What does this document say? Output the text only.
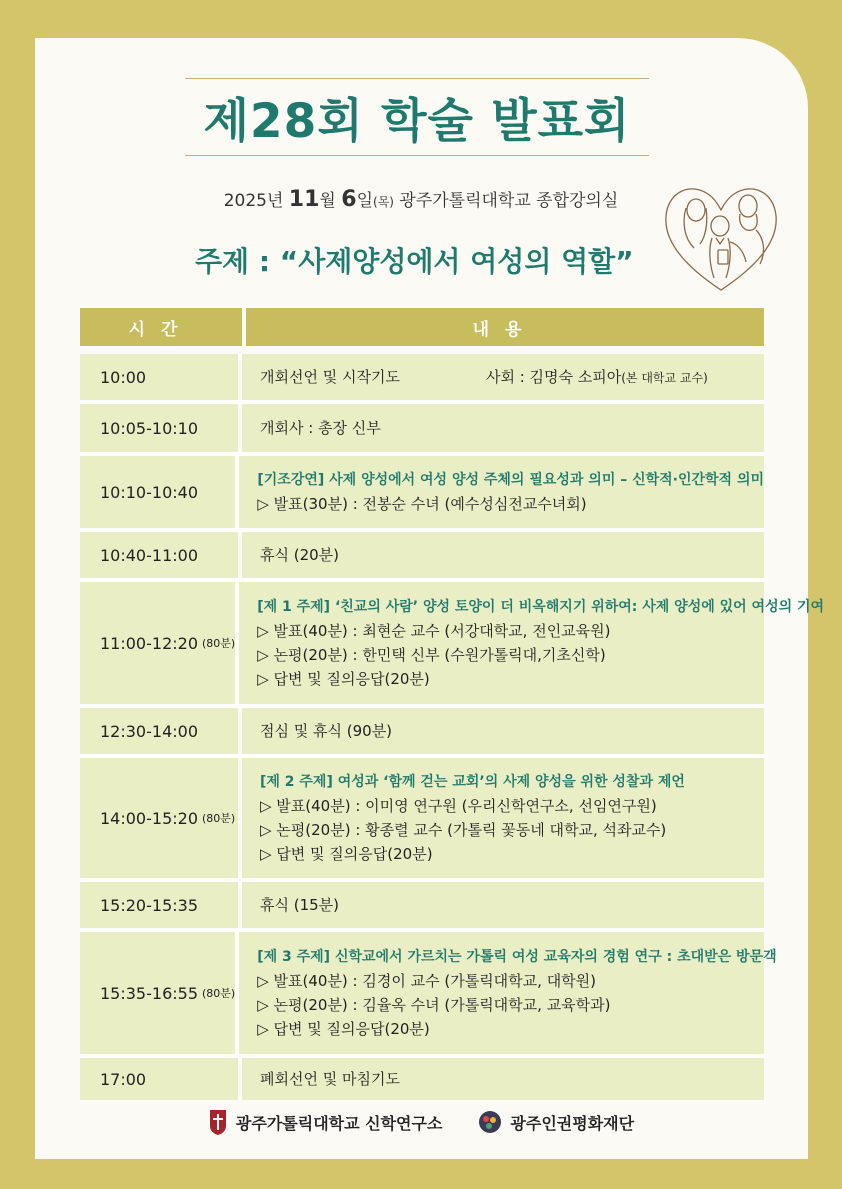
제28회 학술 발표회
2025년 11월 6일(목) 광주가톨릭대학교 종합강의실
주제 : “사제양성에서 여성의 역할”
시간	내용
10:00	개회선언 및 시작기도	사회 : 김명숙 소피아(본 대학교 교수)
10:05-10:10	개회사 : 총장 신부
10:10-10:40
[기조강연] 사제 양성에서 여성 양성 주체의 필요성과 의미 – 신학적·인간학적 의미
▷ 발표(30분) : 전봉순 수녀 (예수성심전교수녀회)
10:40-11:00	휴식 (20분)
11:00-12:20 (80분)
[제 1 주제] ‘친교의 사람’ 양성 토양이 더 비옥해지기 위하여: 사제 양성에 있어 여성의 기여
▷ 발표(40분) : 최현순 교수 (서강대학교, 전인교육원)
▷ 논평(20분) : 한민택 신부 (수원가톨릭대,기초신학)
▷ 답변 및 질의응답(20분)
12:30-14:00	점심 및 휴식 (90분)
14:00-15:20 (80분)
[제 2 주제] 여성과 ‘함께 걷는 교회’의 사제 양성을 위한 성찰과 제언
▷ 발표(40분) : 이미영 연구원 (우리신학연구소, 선임연구원)
▷ 논평(20분) : 황종렬 교수 (가톨릭 꽃동네 대학교, 석좌교수)
▷ 답변 및 질의응답(20분)
15:20-15:35	휴식 (15분)
15:35-16:55 (80분)
[제 3 주제] 신학교에서 가르치는 가톨릭 여성 교육자의 경험 연구 : 초대받은 방문객
▷ 발표(40분) : 김경이 교수 (가톨릭대학교, 대학원)
▷ 논평(20분) : 김율옥 수녀 (가톨릭대학교, 교육학과)
▷ 답변 및 질의응답(20분)
17:00	폐회선언 및 마침기도
광주가톨릭대학교 신학연구소	광주인권평화재단
